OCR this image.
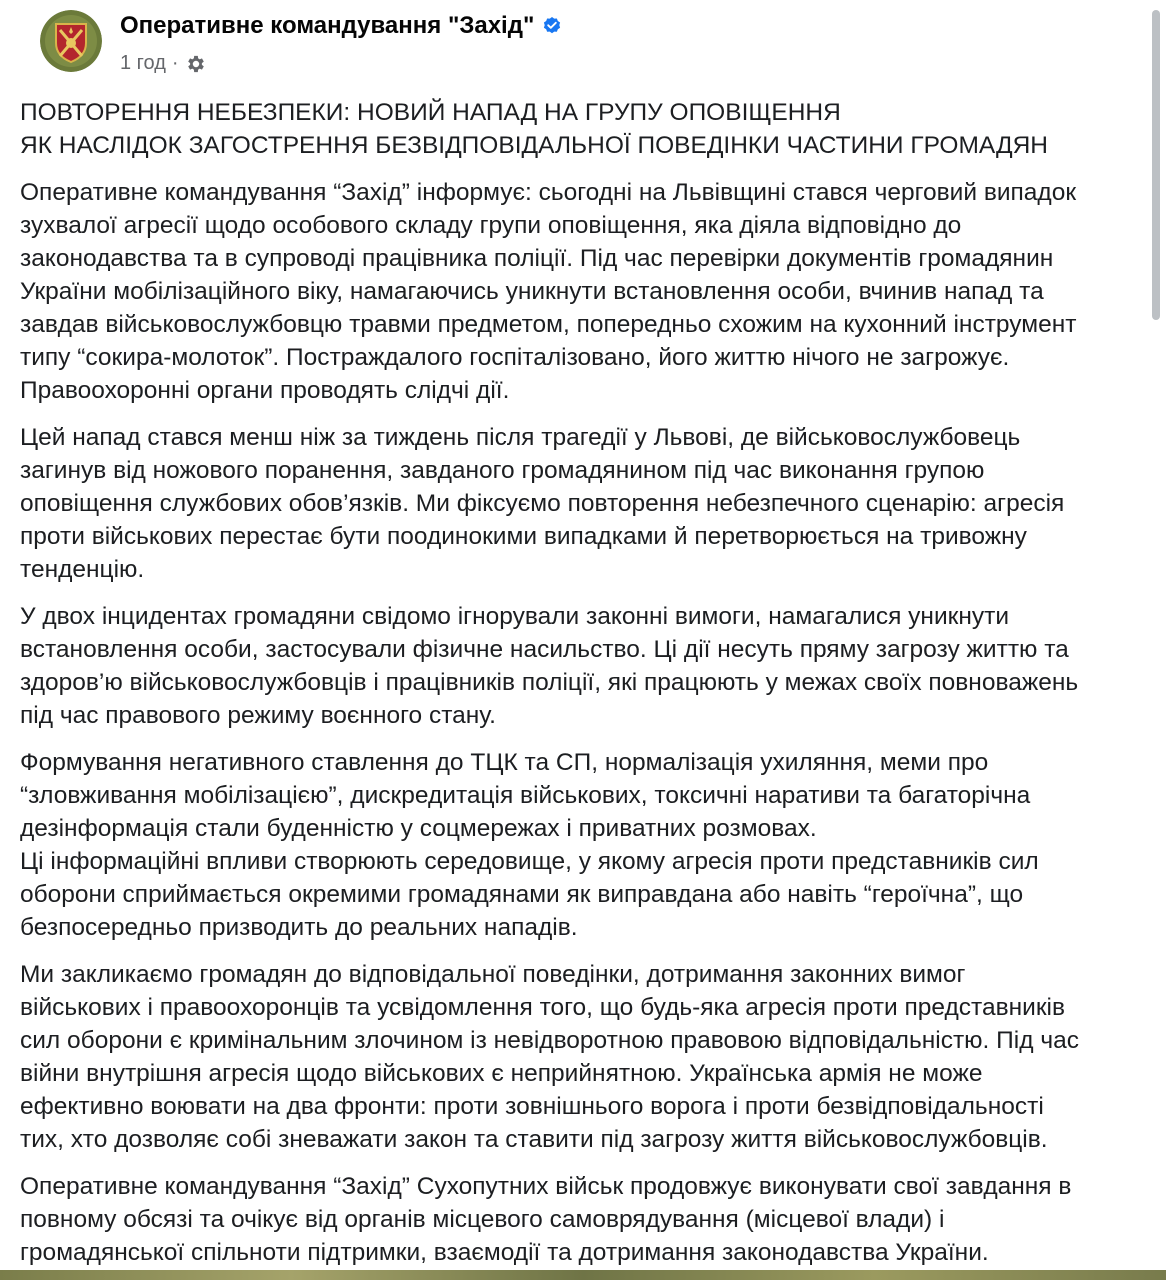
Оперативне командування "Захід"
1 год ·
ПОВТОРЕННЯ НЕБЕЗПЕКИ: НОВИЙ НАПАД НА ГРУПУ ОПОВІЩЕННЯ
ЯК НАСЛІДОК ЗАГОСТРЕННЯ БЕЗВІДПОВІДАЛЬНОЇ ПОВЕДІНКИ ЧАСТИНИ ГРОМАДЯН

Оперативне командування “Захід” інформує: сьогодні на Львівщині стався черговий випадок
зухвалої агресії щодо особового складу групи оповіщення, яка діяла відповідно до
законодавства та в супроводі працівника поліції. Під час перевірки документів громадянин
України мобілізаційного віку, намагаючись уникнути встановлення особи, вчинив напад та
завдав військовослужбовцю травми предметом, попередньо схожим на кухонний інструмент
типу “сокира-молоток”. Постраждалого госпіталізовано, його життю нічого не загрожує.
Правоохоронні органи проводять слідчі дії.

Цей напад стався менш ніж за тиждень після трагедії у Львові, де військовослужбовець
загинув від ножового поранення, завданого громадянином під час виконання групою
оповіщення службових обов’язків. Ми фіксуємо повторення небезпечного сценарію: агресія
проти військових перестає бути поодинокими випадками й перетворюється на тривожну
тенденцію.

У двох інцидентах громадяни свідомо ігнорували законні вимоги, намагалися уникнути
встановлення особи, застосували фізичне насильство. Ці дії несуть пряму загрозу життю та
здоров’ю військовослужбовців і працівників поліції, які працюють у межах своїх повноважень
під час правового режиму воєнного стану.

Формування негативного ставлення до ТЦК та СП, нормалізація ухиляння, меми про
“зловживання мобілізацією”, дискредитація військових, токсичні наративи та багаторічна
дезінформація стали буденністю у соцмережах і приватних розмовах.
Ці інформаційні впливи створюють середовище, у якому агресія проти представників сил
оборони сприймається окремими громадянами як виправдана або навіть “героїчна”, що
безпосередньо призводить до реальних нападів.

Ми закликаємо громадян до відповідальної поведінки, дотримання законних вимог
військових і правоохоронців та усвідомлення того, що будь-яка агресія проти представників
сил оборони є кримінальним злочином із невідворотною правовою відповідальністю. Під час
війни внутрішня агресія щодо військових є неприйнятною. Українська армія не може
ефективно воювати на два фронти: проти зовнішнього ворога і проти безвідповідальності
тих, хто дозволяє собі зневажати закон та ставити під загрозу життя військовослужбовців.

Оперативне командування “Захід” Сухопутних військ продовжує виконувати свої завдання в
повному обсязі та очікує від органів місцевого самоврядування (місцевої влади) і
громадянської спільноти підтримки, взаємодії та дотримання законодавства України.
